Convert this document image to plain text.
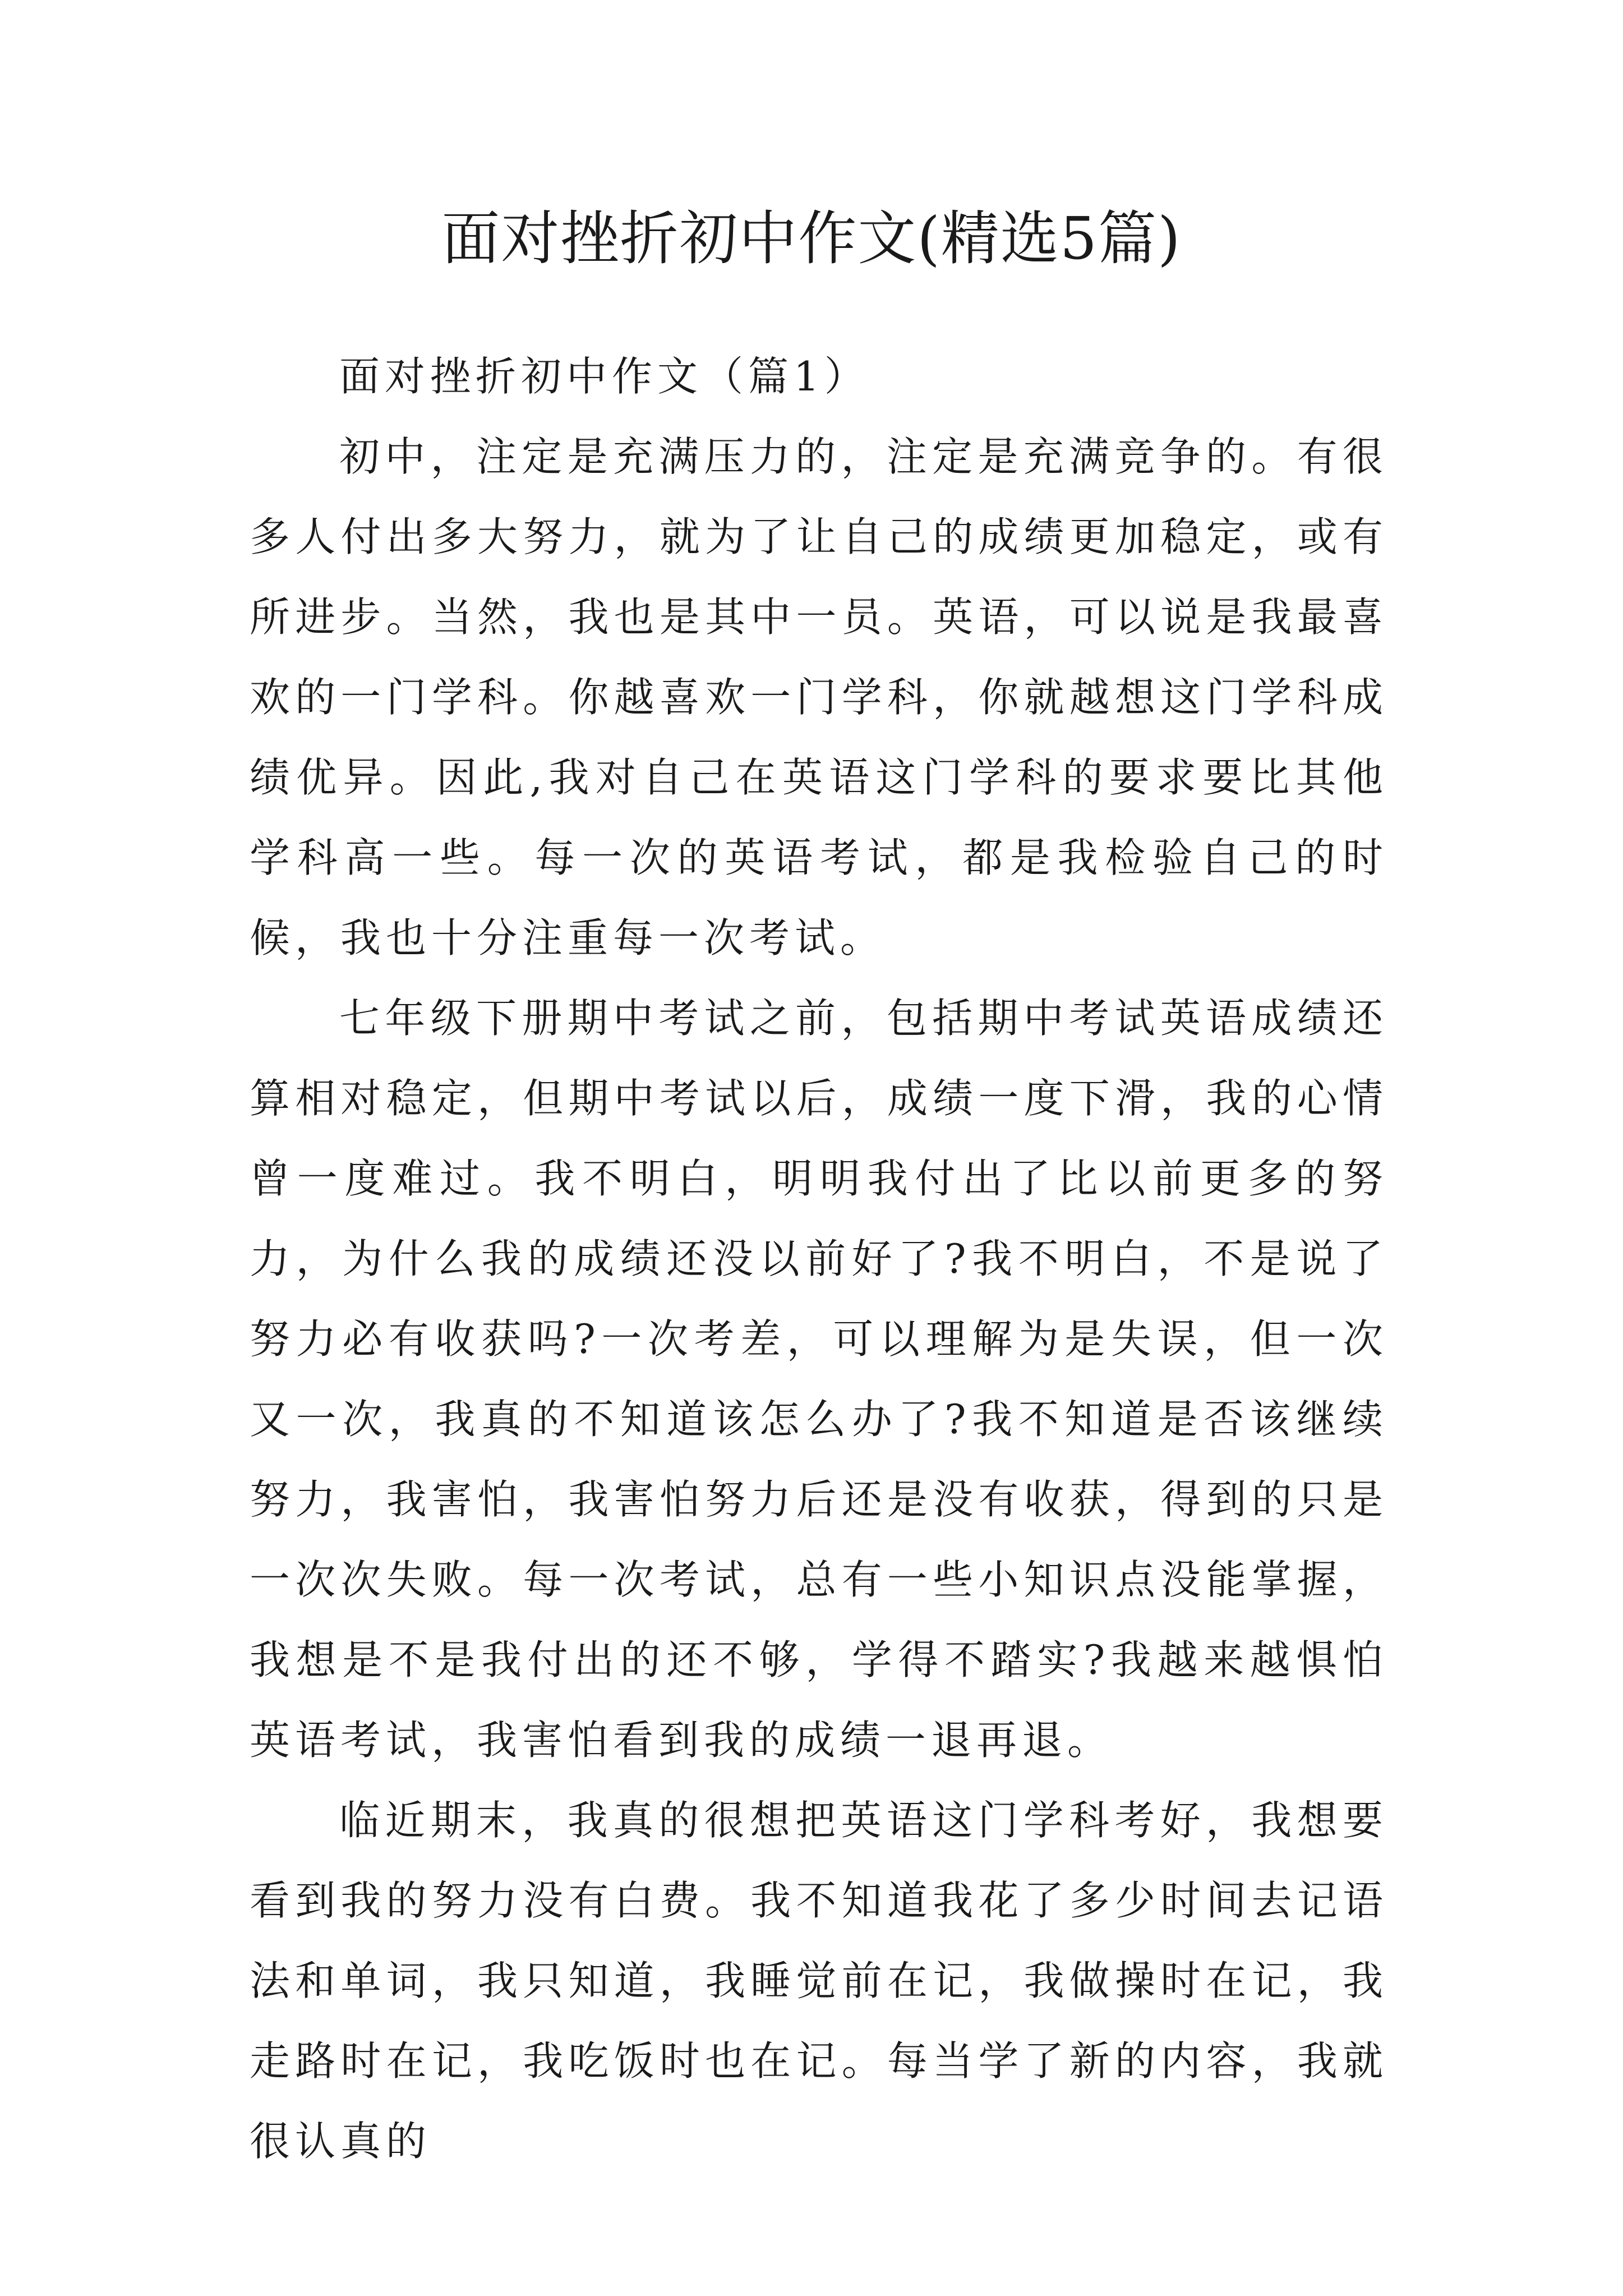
面对挫折初中作文(精选5篇)
面对挫折初中作文（篇1）

初中，注定是充满压力的，注定是充满竞争的。有很多人付出多大努力，就为了让自己的成绩更加稳定，或有所进步。当然，我也是其中一员。英语，可以说是我最喜欢的一门学科。你越喜欢一门学科，你就越想这门学科成绩优异。因此,我对自己在英语这门学科的要求要比其他学科高一些。每一次的英语考试，都是我检验自己的时候，我也十分注重每一次考试。

七年级下册期中考试之前，包括期中考试英语成绩还算相对稳定，但期中考试以后，成绩一度下滑，我的心情曾一度难过。我不明白，明明我付出了比以前更多的努力，为什么我的成绩还没以前好了?我不明白，不是说了努力必有收获吗?一次考差，可以理解为是失误，但一次又一次，我真的不知道该怎么办了?我不知道是否该继续努力，我害怕，我害怕努力后还是没有收获，得到的只是一次次失败。每一次考试，总有一些小知识点没能掌握，我想是不是我付出的还不够，学得不踏实?我越来越惧怕英语考试，我害怕看到我的成绩一退再退。

临近期末，我真的很想把英语这门学科考好，我想要看到我的努力没有白费。我不知道我花了多少时间去记语法和单词，我只知道，我睡觉前在记，我做操时在记，我走路时在记，我吃饭时也在记。每当学了新的内容，我就很认真的
